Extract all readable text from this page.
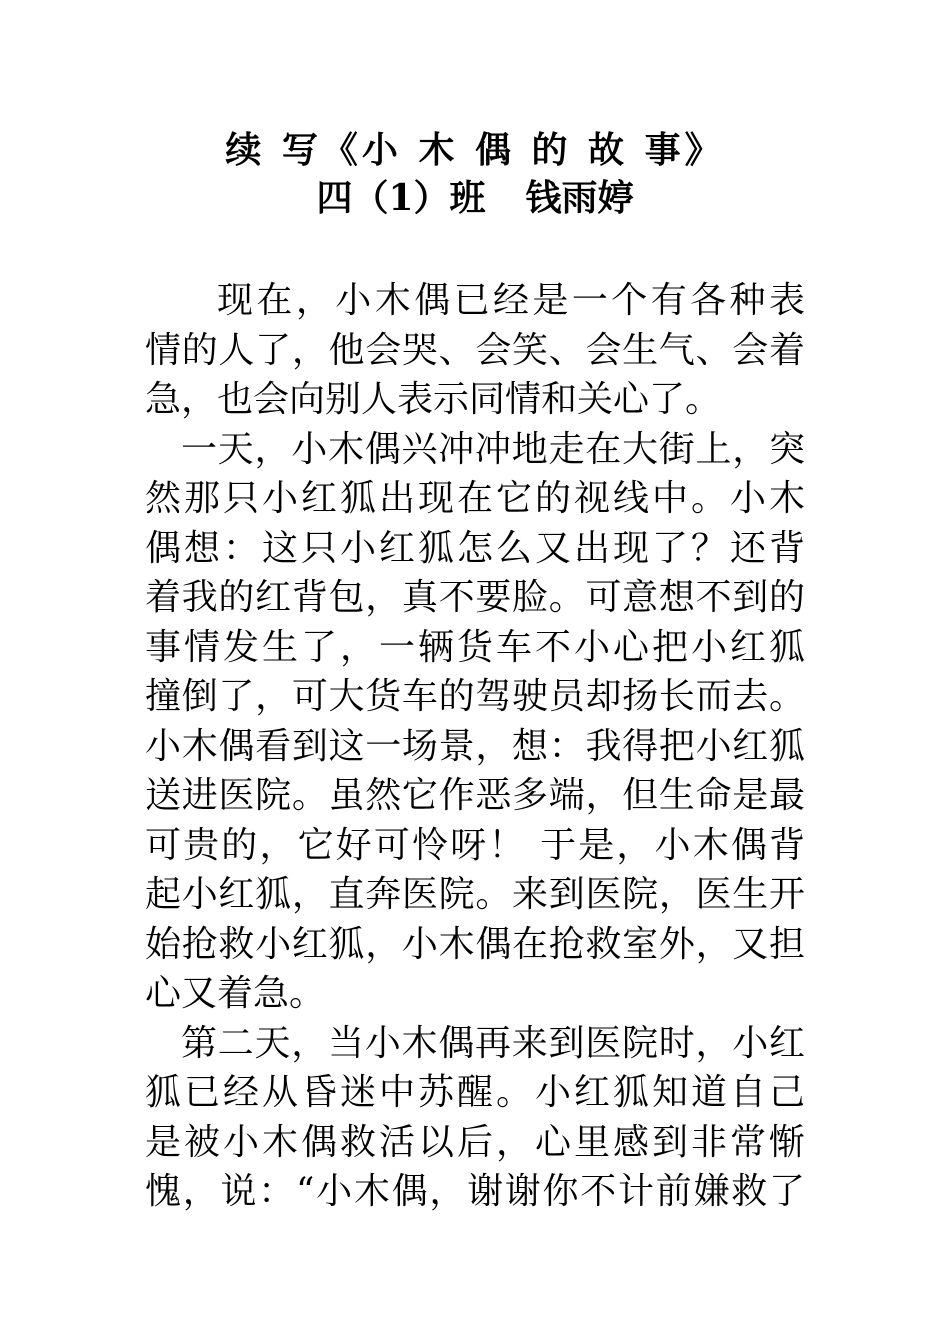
续 写《小 木 偶 的 故 事》
四（1）班 钱雨婷
现在，小木偶已经是一个有各种表
情的人了，他会哭、会笑、会生气、会着
急，也会向别人表示同情和关心了。
一天，小木偶兴冲冲地走在大街上，突
然那只小红狐出现在它的视线中。小木
偶想：这只小红狐怎么又出现了？还背
着我的红背包，真不要脸。可意想不到的
事情发生了，一辆货车不小心把小红狐
撞倒了，可大货车的驾驶员却扬长而去。
小木偶看到这一场景，想：我得把小红狐
送进医院。虽然它作恶多端，但生命是最
可贵的，它好可怜呀！ 于是，小木偶背
起小红狐，直奔医院。来到医院，医生开
始抢救小红狐，小木偶在抢救室外，又担
心又着急。
第二天，当小木偶再来到医院时，小红
狐已经从昏迷中苏醒。小红狐知道自己
是被小木偶救活以后，心里感到非常惭
愧，说：“小木偶，谢谢你不计前嫌救了
